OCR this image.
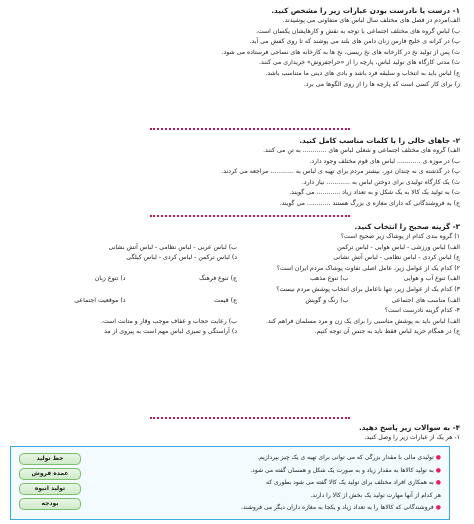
۱- درست یا نادرست بودن عبارات زیر را مشخص کنید.
الف)مردم در فصل های مختلف سال لباس های متفاوتی می پوشیدند.
ب) لباس گروه های مختلف اجتماعی با توجه به نقش و کارهایشان یکسان است.
پ) در کرانه ی خلیج فارس زنان دامن های بلند می پوشند که تا روی کفش می آید.
ت) پس از تولید نخ در کارخانه های نخ ریسی، نخ ها به کارخانه های نساجی فرستاده می شود.
ث) مدتی کارگاه های تولید لباس، پارچه را از «حراجفروش» خریداری می کنند.
ج) لباس باید به انتخاب و سلیقه فرد باشد و بادی های دینی ما متناسب باشد.
ز) برای کار کسی است که پارچه ها را از روی الگوها می برد.
۲- جاهای خالی را با کلمات مناسب کامل کنید.
الف) گروه های مختلف اجتماعی و شغلی لباس های ............ به تن می کنند.
ب) در موزه ی ............ لباس های قوم مختلف وجود دارد.
پ) در گذشته ی نه چندان دور، بیشتر مردم برای تهیه ی لباس به ............ مراجعه می کردند.
ث) یک کارگاه تولیدی برای دوختن لباس به ............ نیاز دارد.
ت) به تولید یک کالا به یک شکل و به تعداد زیاد ............ می گویند.
ج) به فروشندگانی که دارای مغازه ی بزرگ هستند ............ می گویند.
۳- گزینه صحیح را انتخاب کنید.
۱) گروه بندی کدام از پوشاک زیر صحیح است؟
الف) لباس ورزشی - لباس هوایی - لباس ترکمن
ب) لباس عربی - لباس نظامی - لباس آتش نشانی
ج) لباس کردی - لباس نظامی - لباس آتش نشانی
د) لباس ترکمن - لباس کردی - لباس کیلگی
۲) کدام یک از عوامل زیر، عامل اصلی تفاوت پوشاک مردم ایران است؟
الف) تنوع آب و هوایی
ب) تنوع مذهب
ج) تنوع فرهنگ
د) تنوع زبان
۳) کدام یک از عوامل زیر، تنها ناعامل برای انتخاب پوشش مردم نیست؟
الف) مناسب های اجتماعی
ب) رنگ و گویش
ج) قیمت
د) موقعیت اجتماعی
۴- کدام گزینه نادرست است؟
الف) لباس باید به پوشش مناسبی را برای یک زن و مرد مسلمان فراهم کند.
ب) رعایت حجاب و عفاف موجب وقار و متانت است.
ج) در همگام خرید لباس فقط باید به جنس آن توجه کنیم.
د) آراستگی و تمیزی لباس مهم است به پیروی از مد
۴- به سوالات زیر پاسخ دهید.
۱- هر یک از عبارات زیر را وصل کنید.
●تولیدی مالی با مقدار بزرگی که می توانی برای تهیه ی یک چیز بپردازیم.
●به تولید کالاها به مقدار زیاد و به صورت یک شکل و همسان گفته می شود.
●به همکاری افراد مختلف برای تولید یک کالا گفته می شود بطوری که
هر کدام از آنها مهارت تولید یک بخش از کالا را دارند.
●فروشندگانی که کالاها را به تعداد زیاد و یکجا به مغازه داران دیگر می فروشند.
خط تولید
عمده فروش
تولید انبوه
بودجه
